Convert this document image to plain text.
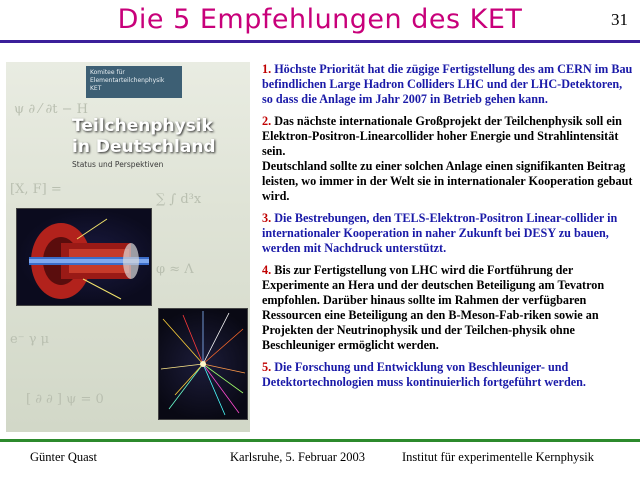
Die 5 Empfehlungen des KET	31
ψ ∂ ⁄ ∂t − H
[X, F] =
∑ ∫ d³x
e⁻ γ μ
[ ∂ ∂ ] ψ = 0
φ ≈ Λ
Komitee für
Elementarteilchenphysik
KET
Teilchenphysik
in Deutschland
Status und Perspektiven
1. Höchste Priorität hat die zügige Fertigstellung des am CERN im Bau befindlichen Large Hadron Colliders LHC und der LHC-Detektoren, so dass die Anlage im Jahr 2007 in Betrieb gehen kann.
2. Das nächste internationale Großprojekt der Teilchenphysik soll ein Elektron-Positron-Linearcollider hoher Energie und Strahlintensität sein.
Deutschland sollte zu einer solchen Anlage einen signifikanten Beitrag leisten, wo immer in der Welt sie in internationaler Kooperation gebaut wird.
3. Die Bestrebungen, den TELS-Elektron-Positron Linear-collider in internationaler Kooperation in naher Zukunft bei DESY zu bauen, werden mit Nachdruck unterstützt.
4. Bis zur Fertigstellung von LHC wird die Fortführung der Experimente an Hera und der deutschen Beteiligung am Tevatron empfohlen. Darüber hinaus sollte im Rahmen der verfügbaren Ressourcen eine Beteiligung an den B-Meson-Fab-riken sowie an Projekten der Neutrinophysik und der Teilchen-physik ohne Beschleuniger ermöglicht werden.
5. Die Forschung und Entwicklung von Beschleuniger- und Detektortechnologien muss kontinuierlich fortgeführt werden.
Günter Quast	Karlsruhe, 5. Februar 2003	Institut für experimentelle Kernphysik
